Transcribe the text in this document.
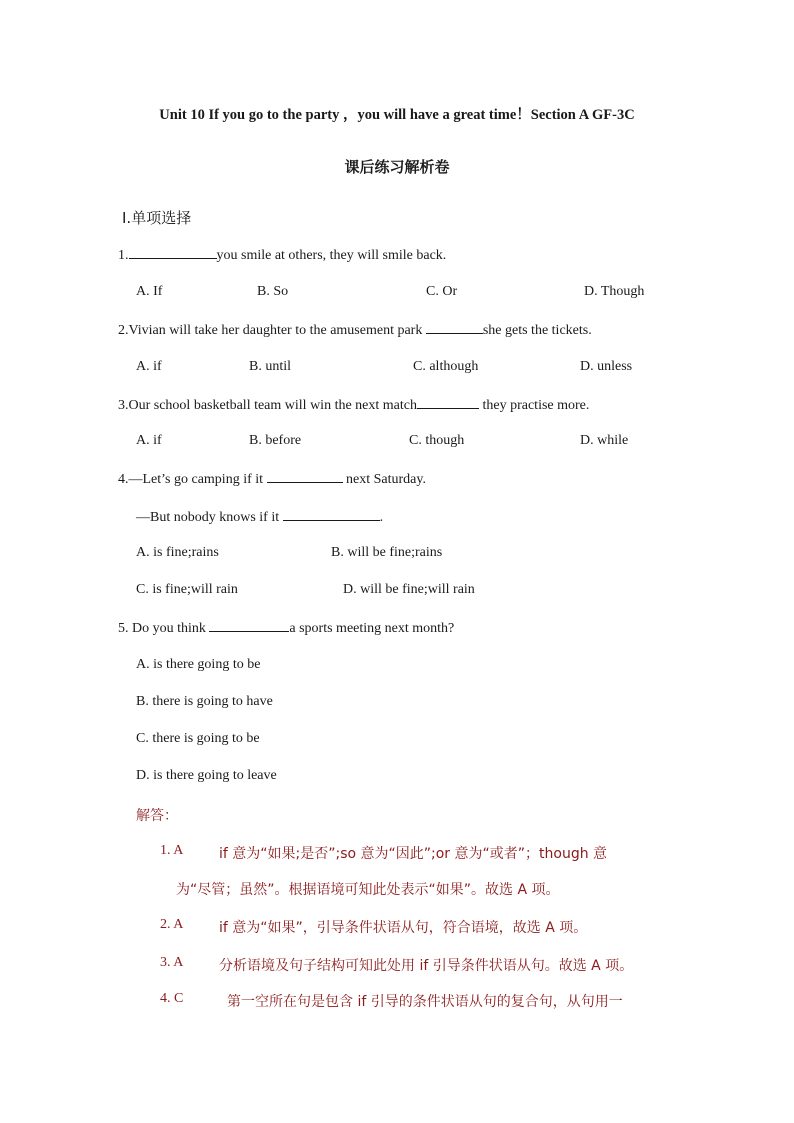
Unit 10 If you go to the party ，you will have a great time！Section A GF-3C
课后练习解析卷
Ⅰ.单项选择
1.	you smile at others, they will smile back.
A. If	B. So	C. Or	D. Though
2.Vivian will take her daughter to the amusement park	she gets the tickets.
A. if	B. until	C. although	D. unless
3.Our school basketball team will win the next match	they practise more.
A. if	B. before	C. though	D. while
4.—Let’s go camping if it	next Saturday.
—But nobody knows if it	.
A. is fine;rains	B. will be fine;rains
C. is fine;will rain	D. will be fine;will rain
5. Do you think	a sports meeting next month?
A. is there going to be
B. there is going to have
C. there is going to be
D. is there going to leave
解答：
1. A	if 意为“如果;是否”;so 意为“因此”;or 意为“或者”；though 意
为“尽管；虽然”。根据语境可知此处表示“如果”。故选 A 项。
2. A	if 意为“如果”，引导条件状语从句，符合语境，故选 A 项。
3. A	分析语境及句子结构可知此处用 if 引导条件状语从句。故选 A 项。
4. C	第一空所在句是包含 if 引导的条件状语从句的复合句，从句用一
